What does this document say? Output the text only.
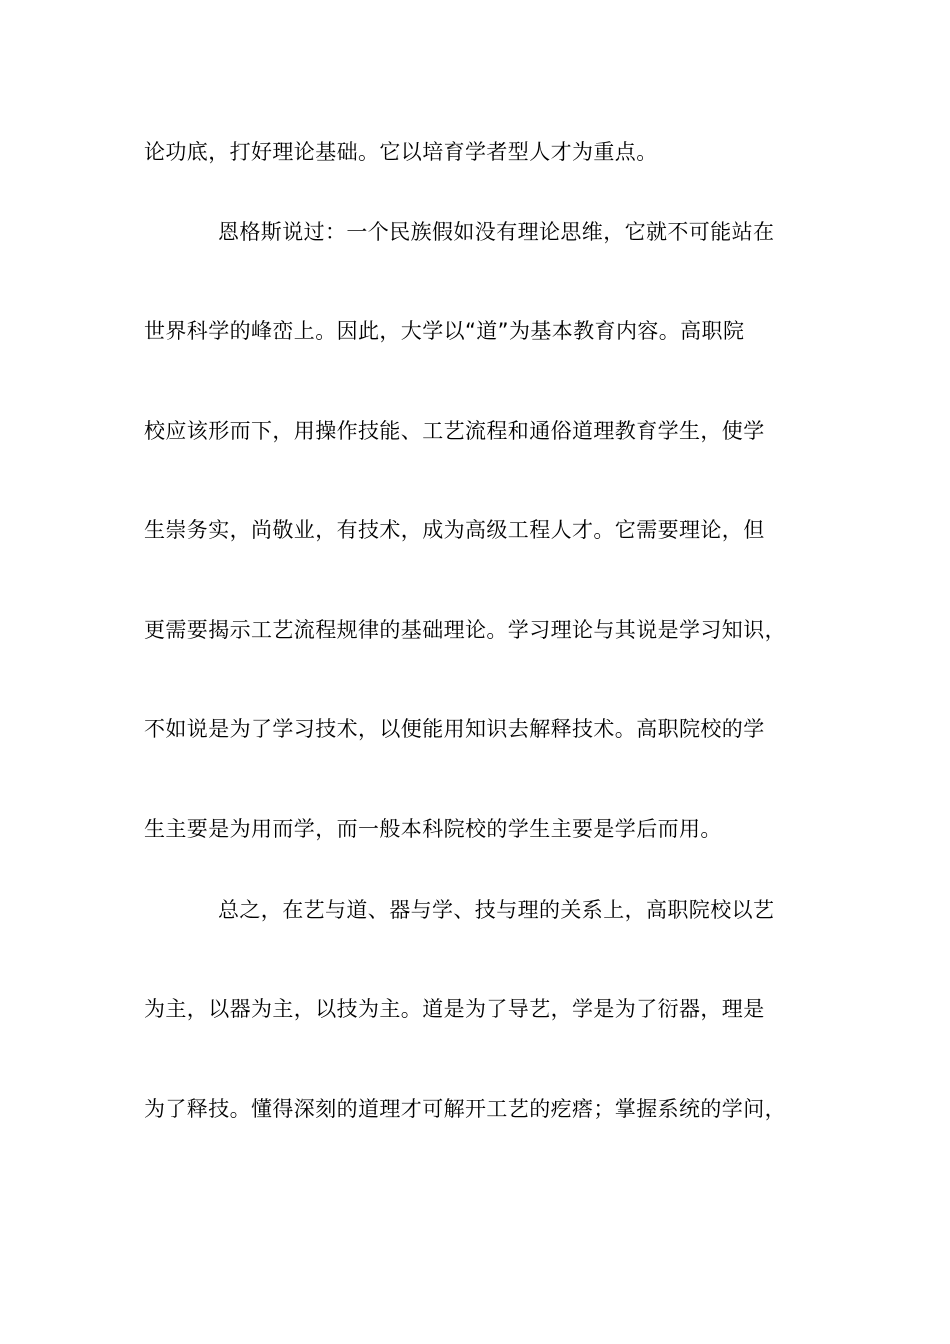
论功底，打好理论基础。它以培育学者型人才为重点。
恩格斯说过：一个民族假如没有理论思维，它就不可能站在
世界科学的峰峦上。因此，大学以“道”为基本教育内容。高职院
校应该形而下，用操作技能、工艺流程和通俗道理教育学生，使学
生崇务实，尚敬业，有技术，成为高级工程人才。它需要理论，但
更需要揭示工艺流程规律的基础理论。学习理论与其说是学习知识，
不如说是为了学习技术，以便能用知识去解释技术。高职院校的学
生主要是为用而学，而一般本科院校的学生主要是学后而用。
总之，在艺与道、器与学、技与理的关系上，高职院校以艺
为主，以器为主，以技为主。道是为了导艺，学是为了衍器，理是
为了释技。懂得深刻的道理才可解开工艺的疙瘩；掌握系统的学问，
